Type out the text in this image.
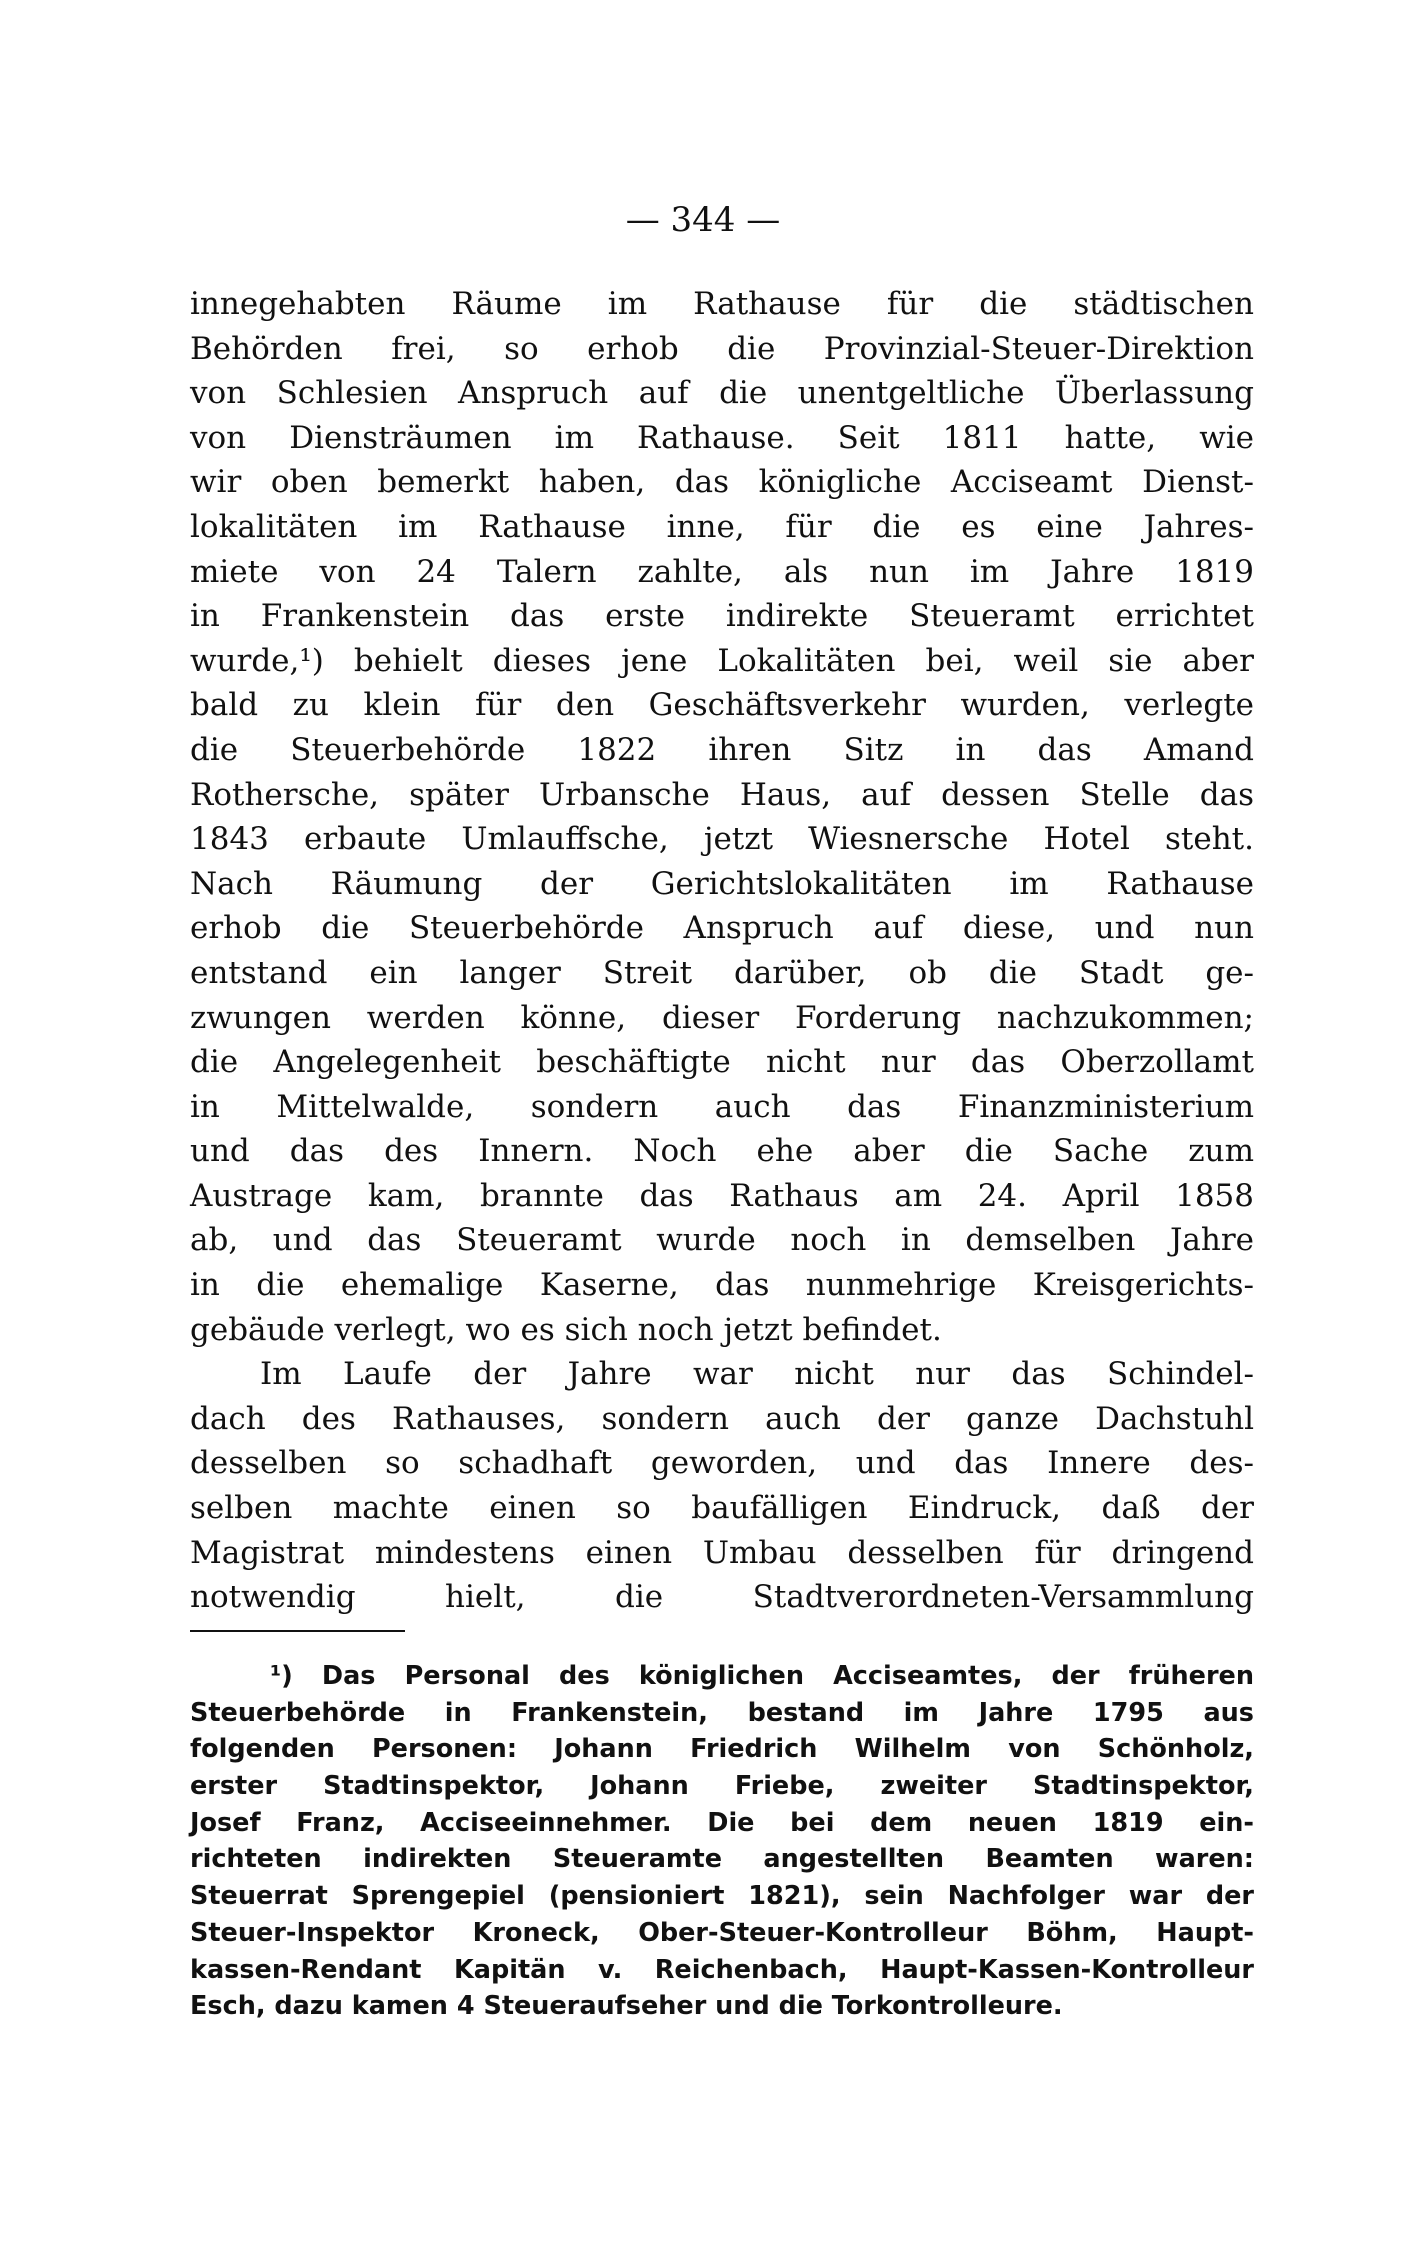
— 344 —
innegehabten Räume im Rathause für die städtischen
Behörden frei, so erhob die Provinzial-Steuer-Direktion
von Schlesien Anspruch auf die unentgeltliche Überlassung
von Diensträumen im Rathause. Seit 1811 hatte, wie
wir oben bemerkt haben, das königliche Acciseamt Dienst-
lokalitäten im Rathause inne, für die es eine Jahres-
miete von 24 Talern zahlte, als nun im Jahre 1819
in Frankenstein das erste indirekte Steueramt errichtet
wurde,¹) behielt dieses jene Lokalitäten bei, weil sie aber
bald zu klein für den Geschäftsverkehr wurden, verlegte
die Steuerbehörde 1822 ihren Sitz in das Amand
Rothersche, später Urbansche Haus, auf dessen Stelle das
1843 erbaute Umlauffsche, jetzt Wiesnersche Hotel steht.
Nach Räumung der Gerichtslokalitäten im Rathause
erhob die Steuerbehörde Anspruch auf diese, und nun
entstand ein langer Streit darüber, ob die Stadt ge-
zwungen werden könne, dieser Forderung nachzukommen;
die Angelegenheit beschäftigte nicht nur das Oberzollamt
in Mittelwalde, sondern auch das Finanzministerium
und das des Innern. Noch ehe aber die Sache zum
Austrage kam, brannte das Rathaus am 24. April 1858
ab, und das Steueramt wurde noch in demselben Jahre
in die ehemalige Kaserne, das nunmehrige Kreisgerichts-
gebäude verlegt, wo es sich noch jetzt befindet.
Im Laufe der Jahre war nicht nur das Schindel-
dach des Rathauses, sondern auch der ganze Dachstuhl
desselben so schadhaft geworden, und das Innere des-
selben machte einen so baufälligen Eindruck, daß der
Magistrat mindestens einen Umbau desselben für dringend
notwendig hielt, die Stadtverordneten-Versammlung
¹) Das Personal des königlichen Acciseamtes, der früheren
Steuerbehörde in Frankenstein, bestand im Jahre 1795 aus
folgenden Personen: Johann Friedrich Wilhelm von Schönholz,
erster Stadtinspektor, Johann Friebe, zweiter Stadtinspektor,
Josef Franz, Acciseeinnehmer. Die bei dem neuen 1819 ein-
richteten indirekten Steueramte angestellten Beamten waren:
Steuerrat Sprengepiel (pensioniert 1821), sein Nachfolger war der
Steuer-Inspektor Kroneck, Ober-Steuer-Kontrolleur Böhm, Haupt-
kassen-Rendant Kapitän v. Reichenbach, Haupt-Kassen-Kontrolleur
Esch, dazu kamen 4 Steueraufseher und die Torkontrolleure.
